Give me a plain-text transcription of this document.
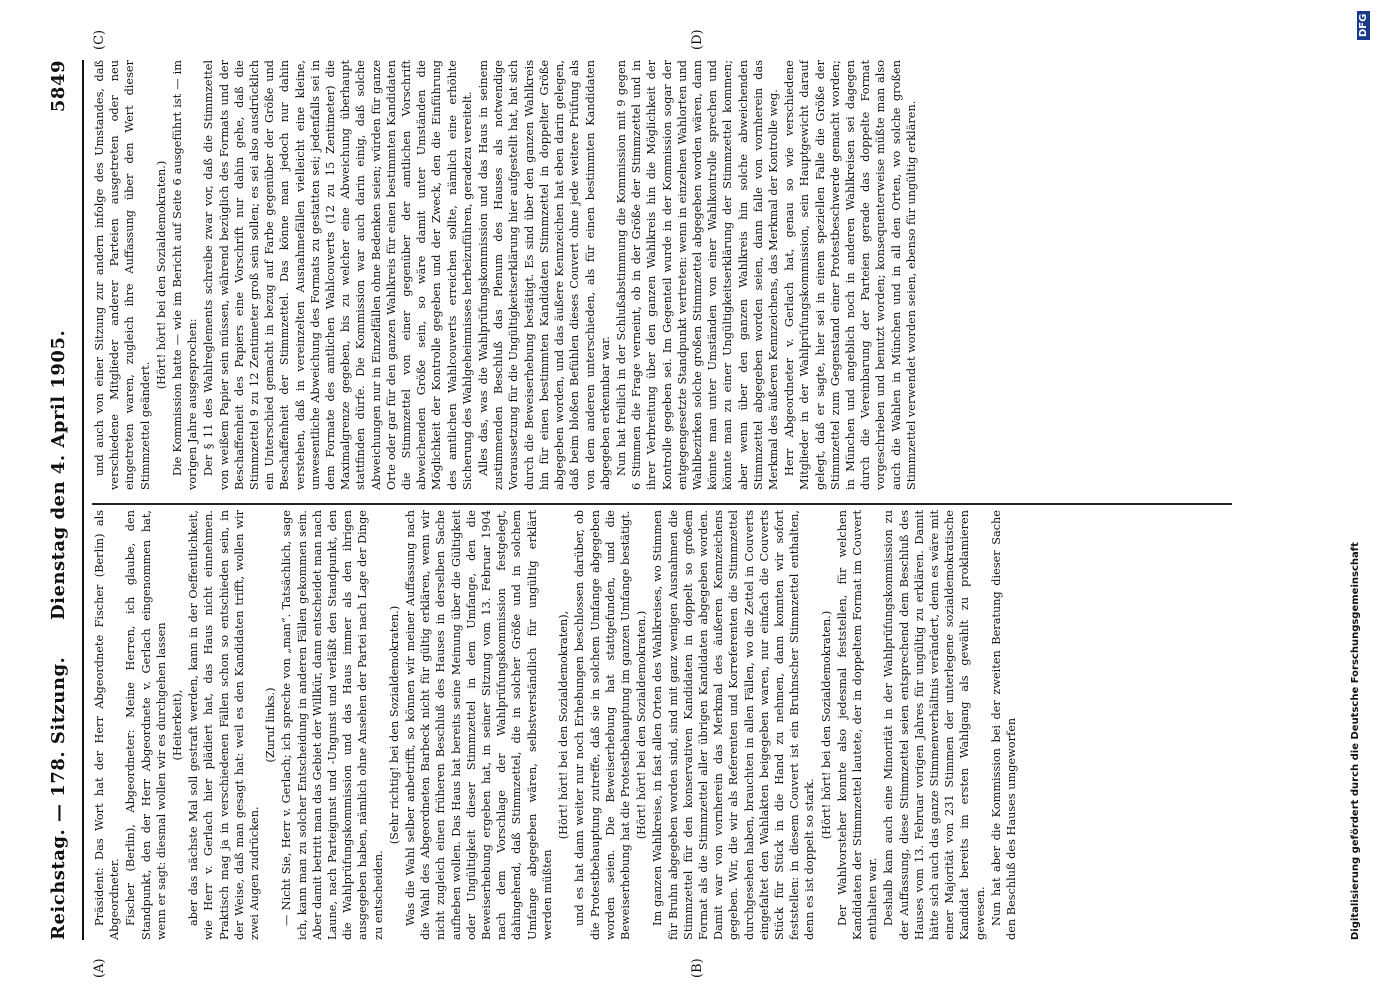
Reichstag. — 178. Sitzung.
Dienstag den 4. April 1905.
5849
(A)	(B)
(C)	(D)

Präsident: Das Wort hat der Herr Abgeordnete Fischer (Berlin) als Abgeordneter. Fischer (Berlin), Abgeordneter: Meine Herren, ich glaube, den Standpunkt, den der Herr Abgeordnete v. Gerlach eingenommen hat, wenn er sagt: diesmal wollen wir es durchgehen lassen (Heiterkeit), aber das nächste Mal soll gestraft werden, kann in der Oeffentlichkeit, wie Herr v. Gerlach hier plädiert hat, das Haus nicht einnehmen. Praktisch mag ja in verschiedenen Fällen schon so entschieden sein, in der Weise, daß man gesagt hat: weil es den Kandidaten trifft, wollen wir zwei Augen zudrücken.

(Zuruf links.) — Nicht Sie, Herr v. Gerlach; ich spreche von „man“. Tatsächlich, sage ich, kann man zu solcher Entscheidung in anderen Fällen gekommen sein. Aber damit betritt man das Gebiet der Willkür, dann entscheidet man nach Laune, nach Parteigunst und -Ungunst und verläßt den Standpunkt, den die Wahlprüfungskommission und das Haus immer als den ihrigen ausgegeben haben, nämlich ohne Ansehen der Partei nach Lage der Dinge zu entscheiden.

(Sehr richtig! bei den Sozialdemokraten.) Was die Wahl selber anbetrifft, so können wir meiner Auffassung nach die Wahl des Abgeordneten Barbeck nicht für gültig erklären, wenn wir nicht zugleich einen früheren Beschluß des Hauses in derselben Sache aufheben wollen. Das Haus hat bereits seine Meinung über die Gültigkeit oder Ungültigkeit dieser Stimmzettel in dem Umfange, den die Beweiserhebung ergeben hat, in seiner Sitzung vom 13. Februar 1904 nach dem Vorschlage der Wahlprüfungskommission festgelegt, dahingehend, daß Stimmzettel, die in solcher Größe und in solchem Umfange abgegeben wären, selbstverständlich für ungültig erklärt werden müßten

(Hört! hört! bei den Sozialdemokraten), und es hat dann weiter nur noch Erhebungen beschlossen darüber, ob die Protestbehauptung zutreffe, daß sie in solchem Umfange abgegeben worden seien. Die Beweiserhebung hat stattgefunden, und die Beweiserhebung hat die Protestbehauptung im ganzen Umfange bestätigt. (Hört! hört! bei den Sozialdemokraten.) Im ganzen Wahlkreise, in fast allen Orten des Wahlkreises, wo Stimmen für Bruhn abgegeben worden sind, sind mit ganz wenigen Ausnahmen die Stimmzettel für den konservativen Kandidaten in doppelt so großem Format als die Stimmzettel aller übrigen Kandidaten abgegeben worden. Damit war von vornherein das Merkmal des äußeren Kennzeichens gegeben. Wir, die wir als Referenten und Korreferenten die Stimmzettel durchgesehen haben, brauchten in allen Fällen, wo die Zettel in Couverts eingefaltet den Wahlakten beigegeben waren, nur einfach die Couverts Stück für Stück in die Hand zu nehmen, dann konnten wir sofort feststellen: in diesem Couvert ist ein Bruhnscher Stimmzettel enthalten, denn es ist doppelt so stark.

(Hört! hört! bei den Sozialdemokraten.) Der Wahlvorsteher konnte also jedesmal feststellen, für welchen Kandidaten der Stimmzettel lautete, der in doppeltem Format im Couvert enthalten war. Deshalb kam auch eine Minorität in der Wahlprüfungskommission zu der Auffassung, diese Stimmzettel seien entsprechend dem Beschluß des Hauses vom 13. Februar vorigen Jahres für ungültig zu erklären. Damit hätte sich auch das ganze Stimmenverhältnis verändert, denn es wäre mit einer Majorität von 231 Stimmen der unterlegene sozialdemokratische Kandidat bereits im ersten Wahlgang als gewählt zu proklamieren gewesen. Nun hat aber die Kommission bei der zweiten Beratung dieser Sache den Beschluß des Hauses umgeworfen

und auch von einer Sitzung zur andern infolge des Umstandes, daß verschiedene Mitglieder anderer Parteien ausgetreten oder neu eingetreten waren, zugleich ihre Auffassung über den Wert dieser Stimmzettel geändert.

(Hört! hört! bei den Sozialdemokraten.) Die Kommission hatte — wie im Bericht auf Seite 6 ausgeführt ist — im vorigen Jahre ausgesprochen: Der § 11 des Wahlreglements schreibe zwar vor, daß die Stimmzettel von weißem Papier sein müssen, während bezüglich des Formats und der Beschaffenheit des Papiers eine Vorschrift nur dahin gehe, daß die Stimmzettel 9 zu 12 Zentimeter groß sein sollen; es sei also ausdrücklich ein Unterschied gemacht in bezug auf Farbe gegenüber der Größe und Beschaffenheit der Stimmzettel. Das könne man jedoch nur dahin verstehen, daß in vereinzelten Ausnahmefällen vielleicht eine kleine, unwesentliche Abweichung des Formats zu gestatten sei; jedenfalls sei in dem Formate des amtlichen Wahlcouverts (12 zu 15 Zentimeter) die Maximalgrenze gegeben, bis zu welcher eine Abweichung überhaupt stattfinden dürfe. Die Kommission war auch darin einig, daß solche Abweichungen nur in Einzelfällen ohne Bedenken seien; würden für ganze Orte oder gar für den ganzen Wahlkreis für einen bestimmten Kandidaten die Stimmzettel von einer gegenüber der amtlichen Vorschrift abweichenden Größe sein, so wäre damit unter Umständen die Möglichkeit der Kontrolle gegeben und der Zweck, den die Einführung des amtlichen Wahlcouverts erreichen sollte, nämlich eine erhöhte Sicherung des Wahlgeheimnisses herbeizuführen, geradezu vereitelt. Alles das, was die Wahlprüfungskommission und das Haus in seinem zustimmenden Beschluß das Plenum des Hauses als notwendige Voraussetzung für die Ungültigkeitserklärung hier aufgestellt hat, hat sich durch die Beweiserhebung bestätigt. Es sind über den ganzen Wahlkreis hin für einen bestimmten Kandidaten Stimmzettel in doppelter Größe abgegeben worden, und das äußere Kennzeichen hat eben darin gelegen, daß beim bloßen Befühlen dieses Couvert ohne jede weitere Prüfung als von dem anderen unterschieden, als für einen bestimmten Kandidaten abgegeben erkennbar war. Nun hat freilich in der Schlußabstimmung die Kommission mit 9 gegen 6 Stimmen die Frage verneint, ob in der Größe der Stimmzettel und in ihrer Verbreitung über den ganzen Wahlkreis hin die Möglichkeit der Kontrolle gegeben sei. Im Gegenteil wurde in der Kommission sogar der entgegengesetzte Standpunkt vertreten: wenn in einzelnen Wahlorten und Wahlbezirken solche großen Stimmzettel abgegeben worden wären, dann könnte man unter Umständen von einer Wahlkontrolle sprechen und könnte man zu einer Ungültigkeitserklärung der Stimmzettel kommen; aber wenn über den ganzen Wahlkreis hin solche abweichenden Stimmzettel abgegeben worden seien, dann falle von vornherein das Merkmal des äußeren Kennzeichens, das Merkmal der Kontrolle weg. Herr Abgeordneter v. Gerlach hat, genau so wie verschiedene Mitglieder in der Wahlprüfungskommission, sein Hauptgewicht darauf gelegt, daß er sagte, hier sei in einem speziellen Falle die Größe der Stimmzettel zum Gegenstand einer Protestbeschwerde gemacht worden; in München und angeblich noch in anderen Wahlkreisen sei dagegen durch die Vereinbarung der Parteien gerade das doppelte Format vorgeschrieben und benutzt worden; konsequenterweise müßte man also auch die Wahlen in München und in all den Orten, wo solche großen Stimmzettel verwendet worden seien, ebenso für ungültig erklären.

Digitalisierung gefördert durch die Deutsche Forschungsgemeinschaft
DFG
